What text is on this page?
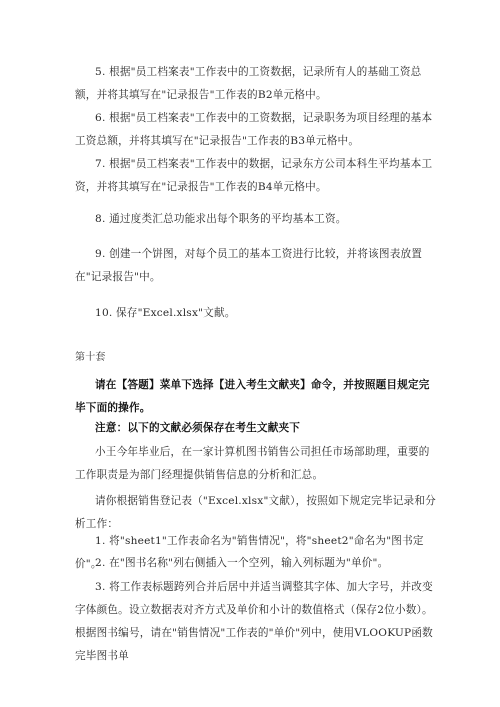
5. 根据"员工档案表"工作表中的工资数据，记录所有人的基础工资总额，并将其填写在"记录报告"工作表的B2单元格中。
6. 根据"员工档案表"工作表中的工资数据，记录职务为项目经理的基本工资总额，并将其填写在"记录报告"工作表的B3单元格中。
7. 根据"员工档案表"工作表中的数据，记录东方公司本科生平均基本工资，并将其填写在"记录报告"工作表的B4单元格中。
8. 通过度类汇总功能求出每个职务的平均基本工资。
9. 创建一个饼图，对每个员工的基本工资进行比较，并将该图表放置在"记录报告"中。
10. 保存"Excel.xlsx"文献。
第十套
请在【答题】菜单下选择【进入考生文献夹】命令，并按照题目规定完毕下面的操作。
注意：以下的文献必须保存在考生文献夹下
小王今年毕业后，在一家计算机图书销售公司担任市场部助理，重要的工作职责是为部门经理提供销售信息的分析和汇总。
请你根据销售登记表（"Excel.xlsx"文献），按照如下规定完毕记录和分析工作：
1. 将"sheet1"工作表命名为"销售情况"，将"sheet2"命名为"图书定价"。
2. 在"图书名称"列右侧插入一个空列，输入列标题为"单价"。
3. 将工作表标题跨列合并后居中并适当调整其字体、加大字号，并改变字体颜色。设立数据表对齐方式及单价和小计的数值格式（保存2位小数）。根据图书编号，请在"销售情况"工作表的"单价"列中，使用VLOOKUP函数完毕图书单
